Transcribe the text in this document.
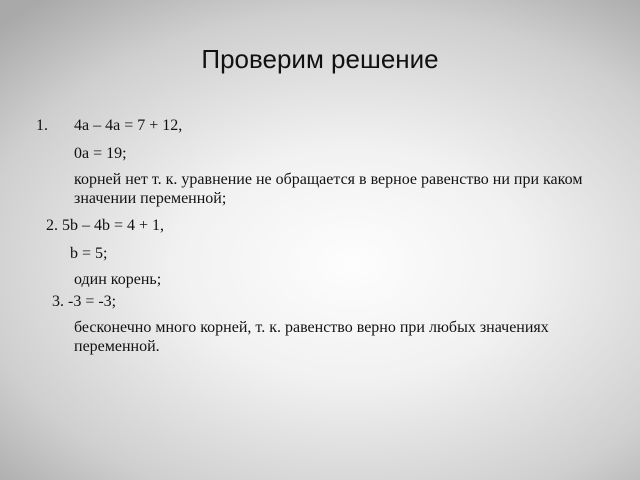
Проверим решение
1. 4a – 4a = 7 + 12,
0a = 19;
корней нет т. к. уравнение не обращается в верное равенство ни при каком значении переменной;
2. 5b – 4b = 4 + 1,
b = 5;
один корень;
3. -3 = -3;
бесконечно много корней, т. к. равенство верно при любых значениях переменной.
